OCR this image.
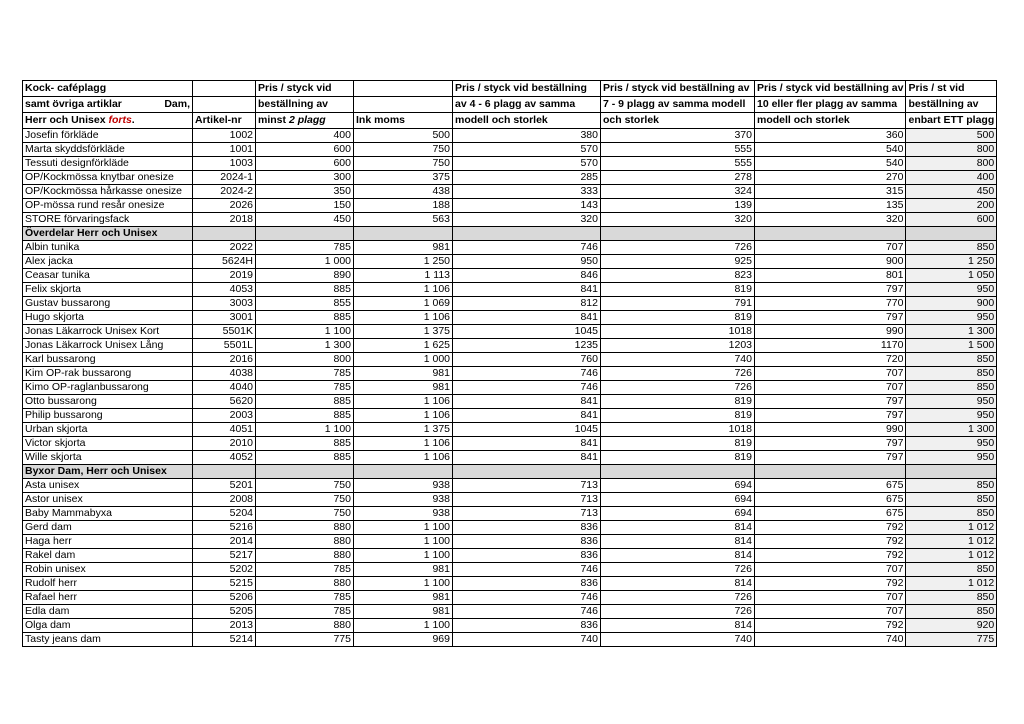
Kock- caféplagg		Pris / styck vid		Pris / styck vid beställning	Pris / styck vid beställning av	Pris / styck vid beställning av	Pris / st vid
samt övriga artiklar Dam,		beställning av		av 4 - 6 plagg av samma	7 - 9 plagg av samma modell	10 eller fler plagg av samma	beställning av
Herr och Unisex forts.	Artikel-nr	minst 2 plagg	Ink moms	modell och storlek	och storlek	modell och storlek	enbart ETT plagg
Josefin förkläde	1002	400	500	380	370	360	500
Marta skyddsförkläde	1001	600	750	570	555	540	800
Tessuti designförkläde	1003	600	750	570	555	540	800
OP/Kockmössa knytbar onesize	2024-1	300	375	285	278	270	400
OP/Kockmössa hårkasse onesize	2024-2	350	438	333	324	315	450
OP-mössa rund resår onesize	2026	150	188	143	139	135	200
STORE förvaringsfack	2018	450	563	320	320	320	600
Överdelar Herr och Unisex							
Albin tunika	2022	785	981	746	726	707	850
Alex jacka	5624H	1 000	1 250	950	925	900	1 250
Ceasar tunika	2019	890	1 113	846	823	801	1 050
Felix skjorta	4053	885	1 106	841	819	797	950
Gustav bussarong	3003	855	1 069	812	791	770	900
Hugo skjorta	3001	885	1 106	841	819	797	950
Jonas Läkarrock Unisex Kort	5501K	1 100	1 375	1045	1018	990	1 300
Jonas Läkarrock Unisex Lång	5501L	1 300	1 625	1235	1203	1170	1 500
Karl bussarong	2016	800	1 000	760	740	720	850
Kim OP-rak bussarong	4038	785	981	746	726	707	850
Kimo OP-raglanbussarong	4040	785	981	746	726	707	850
Otto bussarong	5620	885	1 106	841	819	797	950
Philip bussarong	2003	885	1 106	841	819	797	950
Urban skjorta	4051	1 100	1 375	1045	1018	990	1 300
Victor skjorta	2010	885	1 106	841	819	797	950
Wille skjorta	4052	885	1 106	841	819	797	950
Byxor Dam, Herr och Unisex							
Asta unisex	5201	750	938	713	694	675	850
Astor unisex	2008	750	938	713	694	675	850
Baby Mammabyxa	5204	750	938	713	694	675	850
Gerd dam	5216	880	1 100	836	814	792	1 012
Haga herr	2014	880	1 100	836	814	792	1 012
Rakel dam	5217	880	1 100	836	814	792	1 012
Robin unisex	5202	785	981	746	726	707	850
Rudolf herr	5215	880	1 100	836	814	792	1 012
Rafael herr	5206	785	981	746	726	707	850
Edla dam	5205	785	981	746	726	707	850
Olga dam	2013	880	1 100	836	814	792	920
Tasty jeans dam	5214	775	969	740	740	740	775
